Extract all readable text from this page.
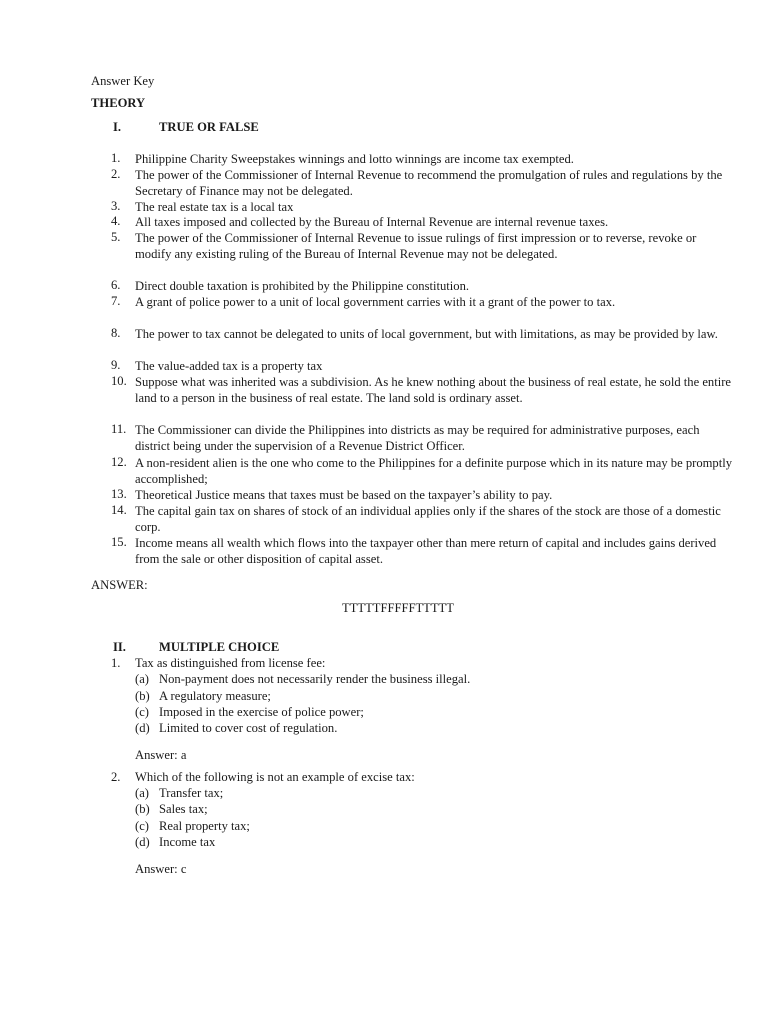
Answer Key
THEORY
I.	TRUE OR FALSE
1.	Philippine Charity Sweepstakes winnings and lotto winnings are income tax exempted.
2.	The power of the Commissioner of Internal Revenue to recommend the promulgation of rules and regulations by the Secretary of Finance may not be delegated.
3.	The real estate tax is a local tax
4.	All taxes imposed and collected by the Bureau of Internal Revenue are internal revenue taxes.
5.	The power of the Commissioner of Internal Revenue to issue rulings of first impression or to reverse, revoke or modify any existing ruling of the Bureau of Internal Revenue may not be delegated.
6.	Direct double taxation is prohibited by the Philippine constitution.
7.	A grant of police power to a unit of local government carries with it a grant of the power to tax.
8.	The power to tax cannot be delegated to units of local government, but with limitations, as may be provided by law.
9.	The value-added tax is a property tax
10. Suppose what was inherited was a subdivision. As he knew nothing about the business of real estate, he sold the entire land to a person in the business of real estate. The land sold is ordinary asset.
11. The Commissioner can divide the Philippines into districts as may be required for administrative purposes, each district being under the supervision of a Revenue District Officer.
12. A non-resident alien is the one who come to the Philippines for a definite purpose which in its nature may be promptly accomplished;
13. Theoretical Justice means that taxes must be based on the taxpayer’s ability to pay.
14. The capital gain tax on shares of stock of an individual applies only if the shares of the stock are those of a domestic corp.
15. Income means all wealth which flows into the taxpayer other than mere return of capital and includes gains derived from the sale or other disposition of capital asset.
ANSWER:
TTTTTFFFFFTTTTT
II.	MULTIPLE CHOICE
1. Tax as distinguished from license fee:
(a) Non-payment does not necessarily render the business illegal.
(b) A regulatory measure;
(c) Imposed in the exercise of police power;
(d) Limited to cover cost of regulation.
Answer: a
2. Which of the following is not an example of excise tax:
(a) Transfer tax;
(b) Sales tax;
(c) Real property tax;
(d) Income tax
Answer: c
